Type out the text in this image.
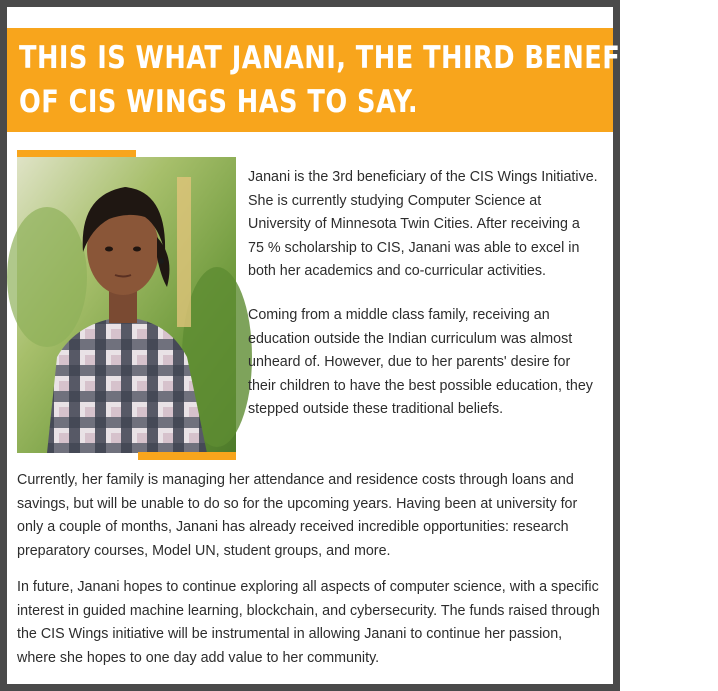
THIS IS WHAT JANANI, THE THIRD BENEFICIARY
OF CIS WINGS HAS TO SAY.

Janani is the 3rd beneficiary of the CIS Wings Initiative. She is currently studying Computer Science at University of Minnesota Twin Cities. After receiving a 75 % scholarship to CIS, Janani was able to excel in both her academics and co-curricular activities.

Coming from a middle class family, receiving an education outside the Indian curriculum was almost unheard of. However, due to her parents' desire for their children to have the best possible education, they stepped outside these traditional beliefs.

Currently, her family is managing her attendance and residence costs through loans and savings, but will be unable to do so for the upcoming years. Having been at university for only a couple of months, Janani has already received incredible opportunities: research preparatory courses, Model UN, student groups, and more.

In future, Janani hopes to continue exploring all aspects of computer science, with a specific interest in guided machine learning, blockchain, and cybersecurity. The funds raised through the CIS Wings initiative will be instrumental in allowing Janani to continue her passion, where she hopes to one day add value to her community.
